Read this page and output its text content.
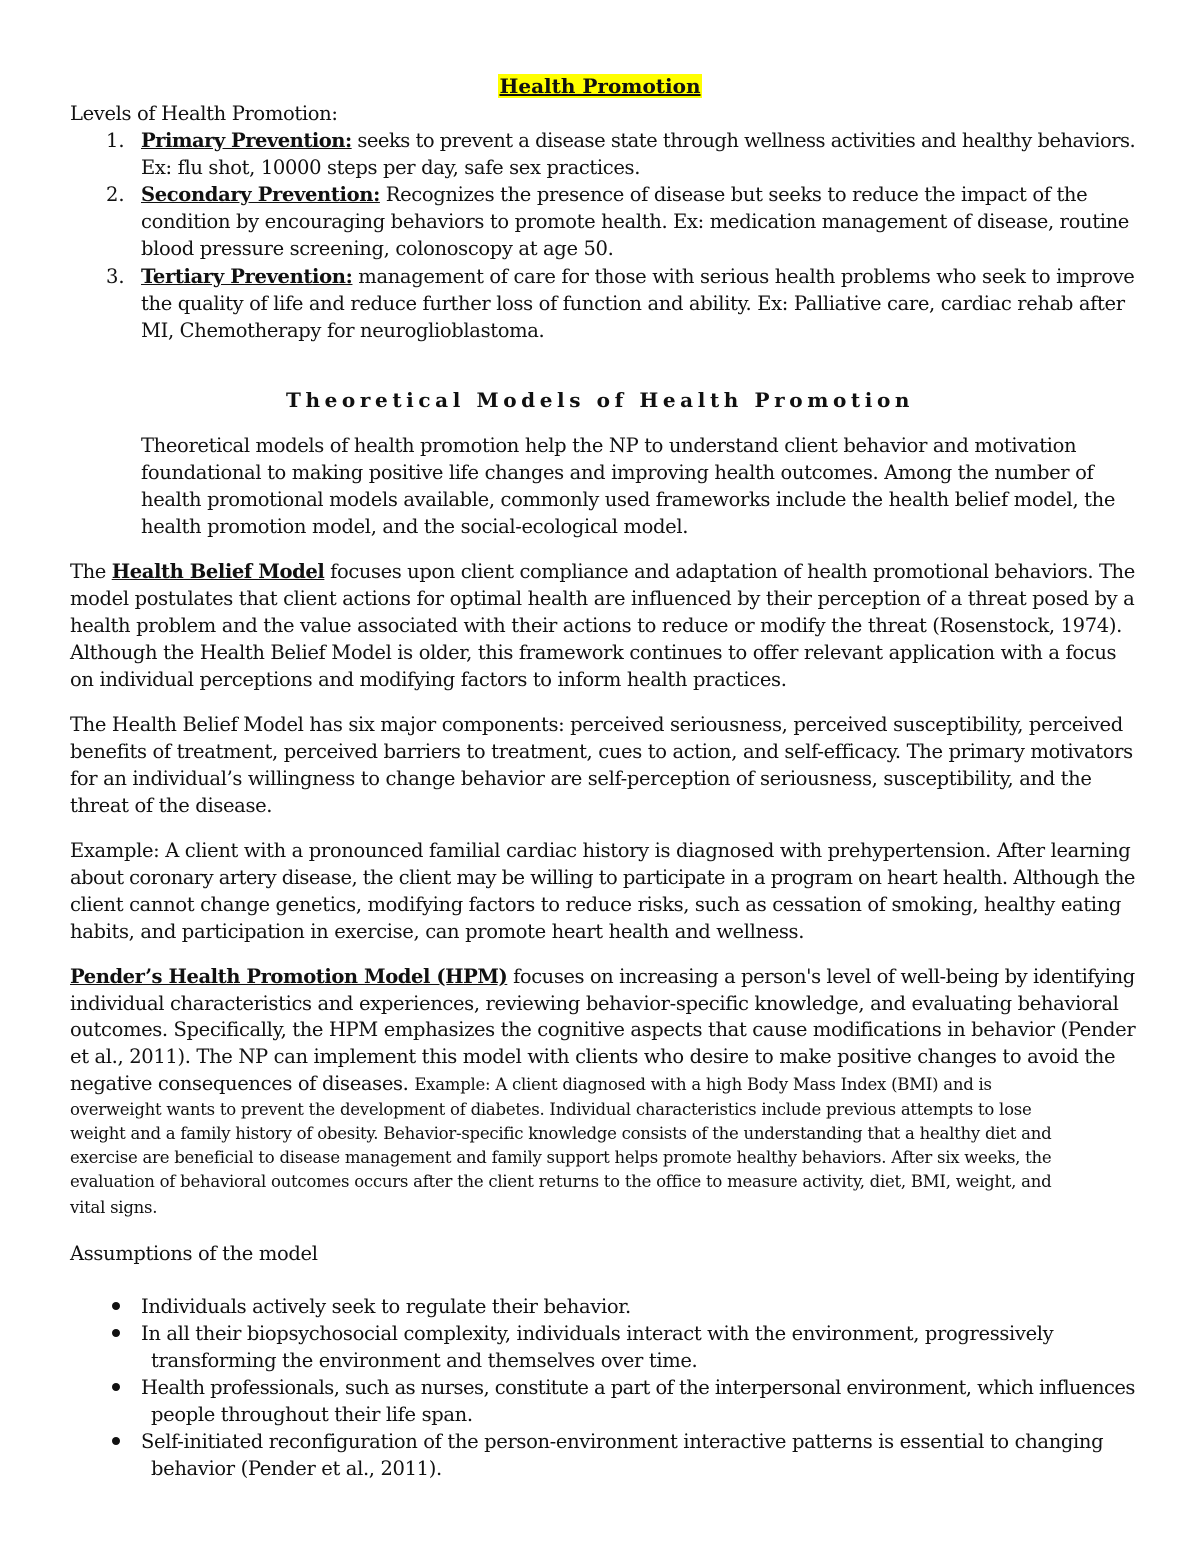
Health Promotion
Levels of Health Promotion:
1. Primary Prevention: seeks to prevent a disease state through wellness activities and healthy behaviors.
Ex: flu shot, 10000 steps per day, safe sex practices.
2. Secondary Prevention: Recognizes the presence of disease but seeks to reduce the impact of the
condition by encouraging behaviors to promote health. Ex: medication management of disease, routine
blood pressure screening, colonoscopy at age 50.
3. Tertiary Prevention: management of care for those with serious health problems who seek to improve
the quality of life and reduce further loss of function and ability. Ex: Palliative care, cardiac rehab after
MI, Chemotherapy for neuroglioblastoma.
Theoretical Models of Health Promotion
Theoretical models of health promotion help the NP to understand client behavior and motivation
foundational to making positive life changes and improving health outcomes. Among the number of
health promotional models available, commonly used frameworks include the health belief model, the
health promotion model, and the social-ecological model.
The Health Belief Model focuses upon client compliance and adaptation of health promotional behaviors. The
model postulates that client actions for optimal health are influenced by their perception of a threat posed by a
health problem and the value associated with their actions to reduce or modify the threat (Rosenstock, 1974).
Although the Health Belief Model is older, this framework continues to offer relevant application with a focus
on individual perceptions and modifying factors to inform health practices.
The Health Belief Model has six major components: perceived seriousness, perceived susceptibility, perceived
benefits of treatment, perceived barriers to treatment, cues to action, and self-efficacy. The primary motivators
for an individual’s willingness to change behavior are self-perception of seriousness, susceptibility, and the
threat of the disease.
Example: A client with a pronounced familial cardiac history is diagnosed with prehypertension. After learning
about coronary artery disease, the client may be willing to participate in a program on heart health. Although the
client cannot change genetics, modifying factors to reduce risks, such as cessation of smoking, healthy eating
habits, and participation in exercise, can promote heart health and wellness.
Pender’s Health Promotion Model (HPM) focuses on increasing a person's level of well-being by identifying
individual characteristics and experiences, reviewing behavior-specific knowledge, and evaluating behavioral
outcomes. Specifically, the HPM emphasizes the cognitive aspects that cause modifications in behavior (Pender
et al., 2011). The NP can implement this model with clients who desire to make positive changes to avoid the
negative consequences of diseases. Example: A client diagnosed with a high Body Mass Index (BMI) and is
overweight wants to prevent the development of diabetes. Individual characteristics include previous attempts to lose
weight and a family history of obesity. Behavior-specific knowledge consists of the understanding that a healthy diet and
exercise are beneficial to disease management and family support helps promote healthy behaviors. After six weeks, the
evaluation of behavioral outcomes occurs after the client returns to the office to measure activity, diet, BMI, weight, and
vital signs.
Assumptions of the model
Individuals actively seek to regulate their behavior.
In all their biopsychosocial complexity, individuals interact with the environment, progressively
transforming the environment and themselves over time.
Health professionals, such as nurses, constitute a part of the interpersonal environment, which influences
people throughout their life span.
Self-initiated reconfiguration of the person-environment interactive patterns is essential to changing
behavior (Pender et al., 2011).
